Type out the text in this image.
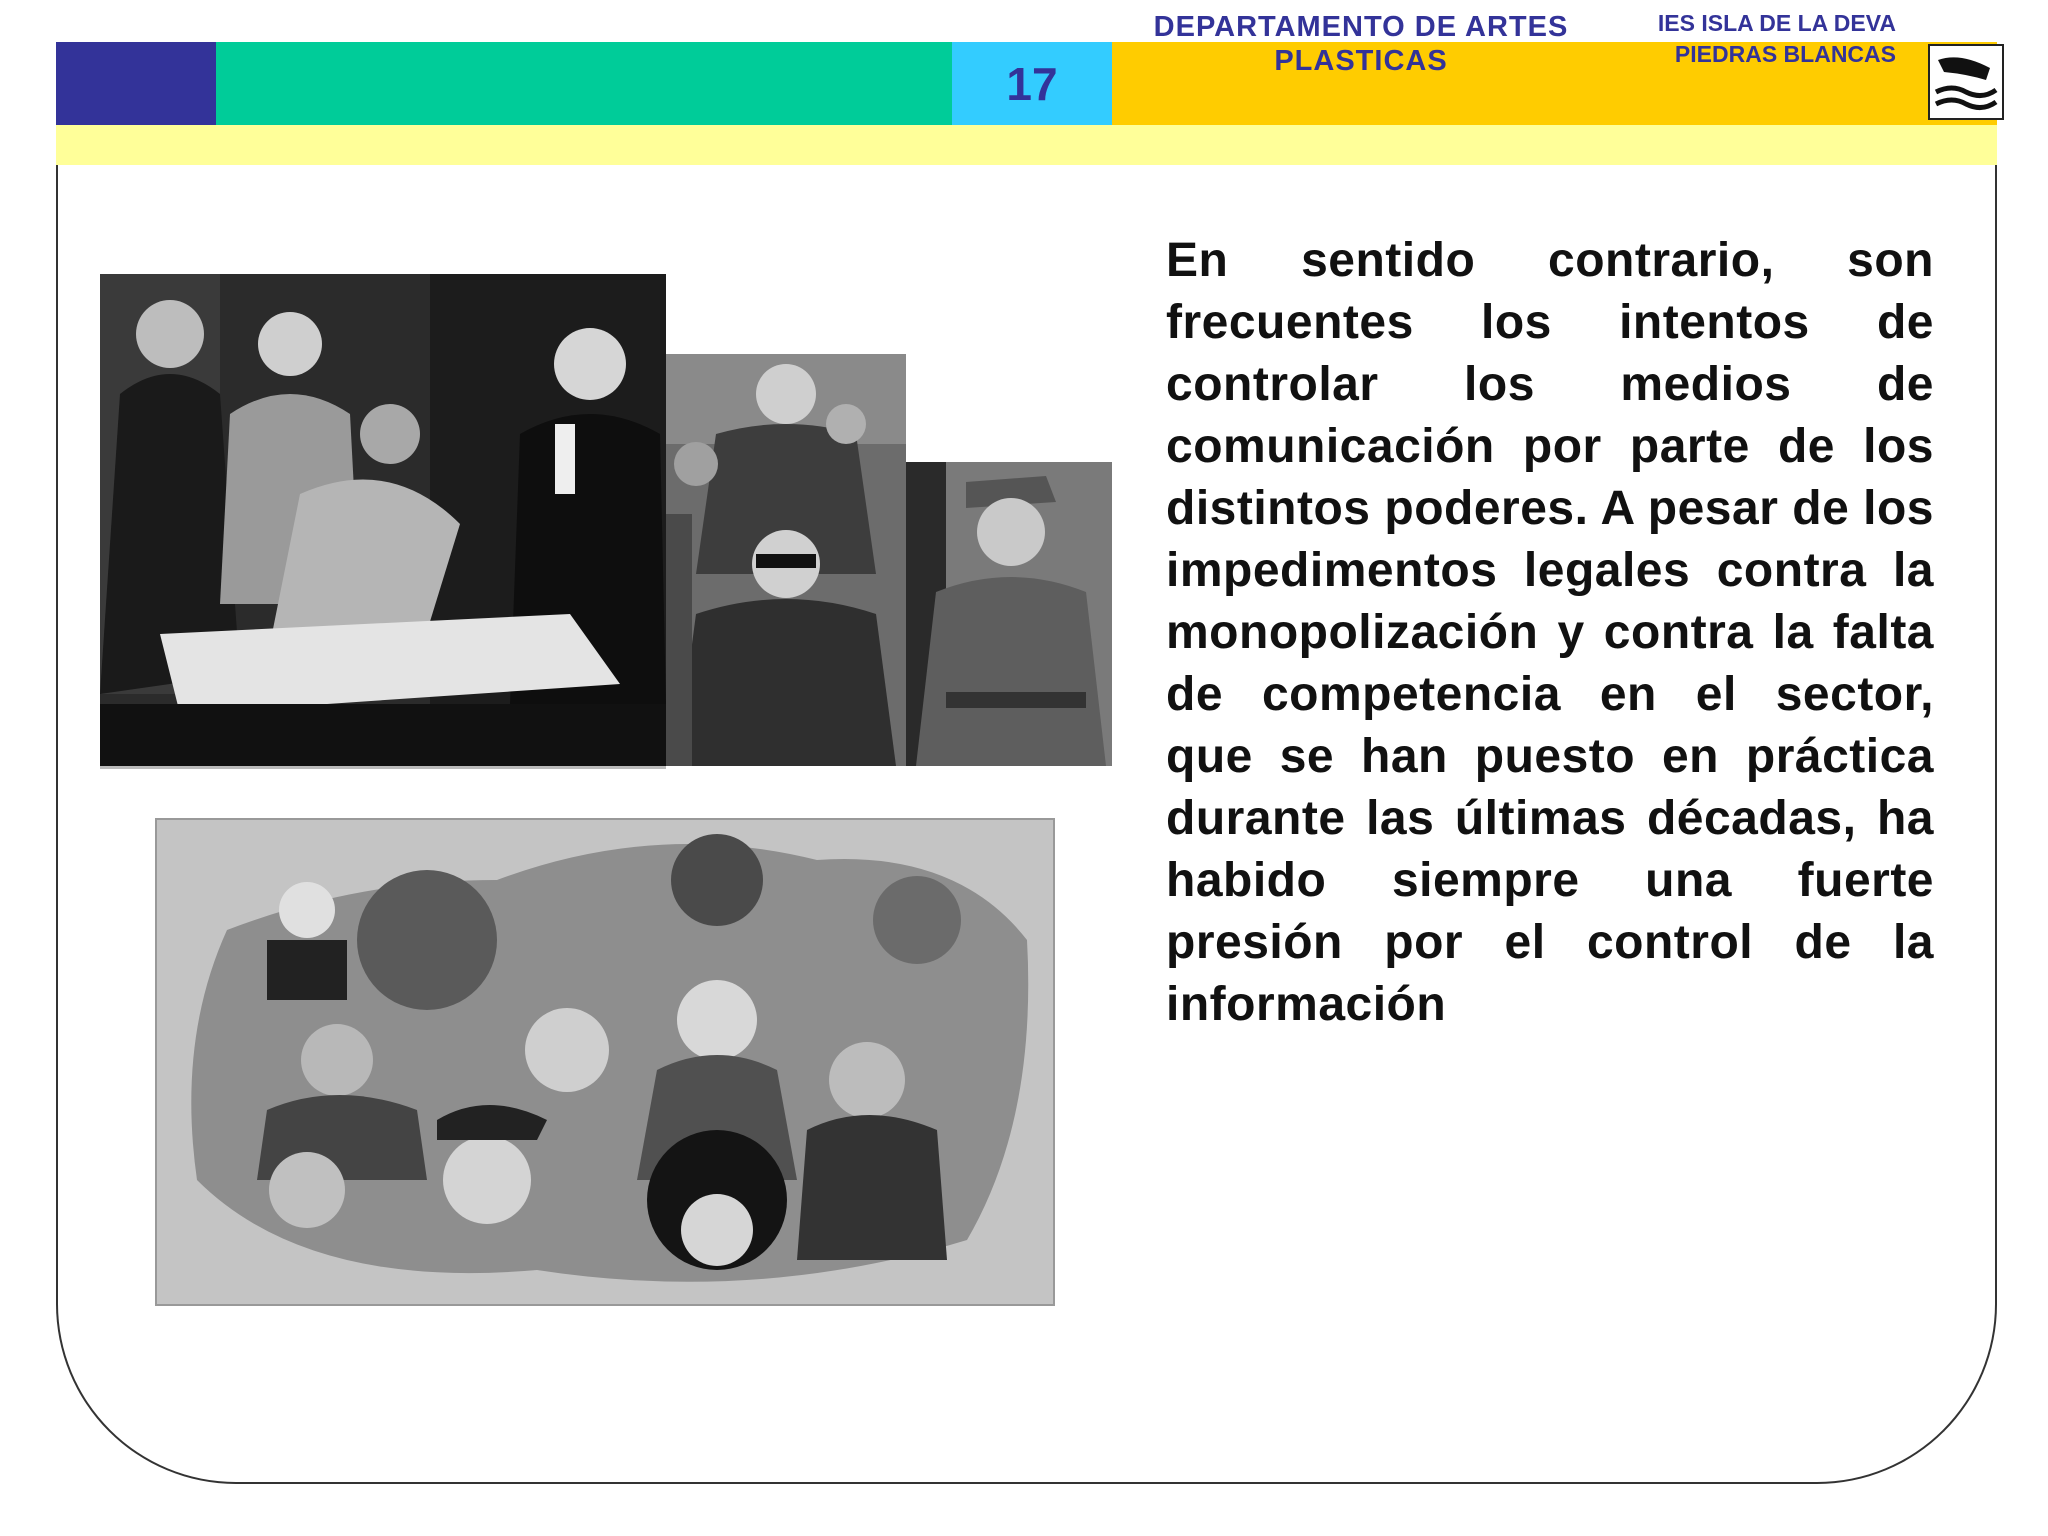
17
DEPARTAMENTO DE ARTES PLASTICAS
IES ISLA DE LA DEVA
PIEDRAS BLANCAS
En sentido contrario, son frecuentes los intentos de controlar los medios de comunicación por parte de los distintos poderes. A pesar de los impedimentos legales contra la monopolización y contra la falta de competencia en el sector, que se han puesto en práctica durante las últimas décadas, ha habido siempre una fuerte presión por el control de la información
